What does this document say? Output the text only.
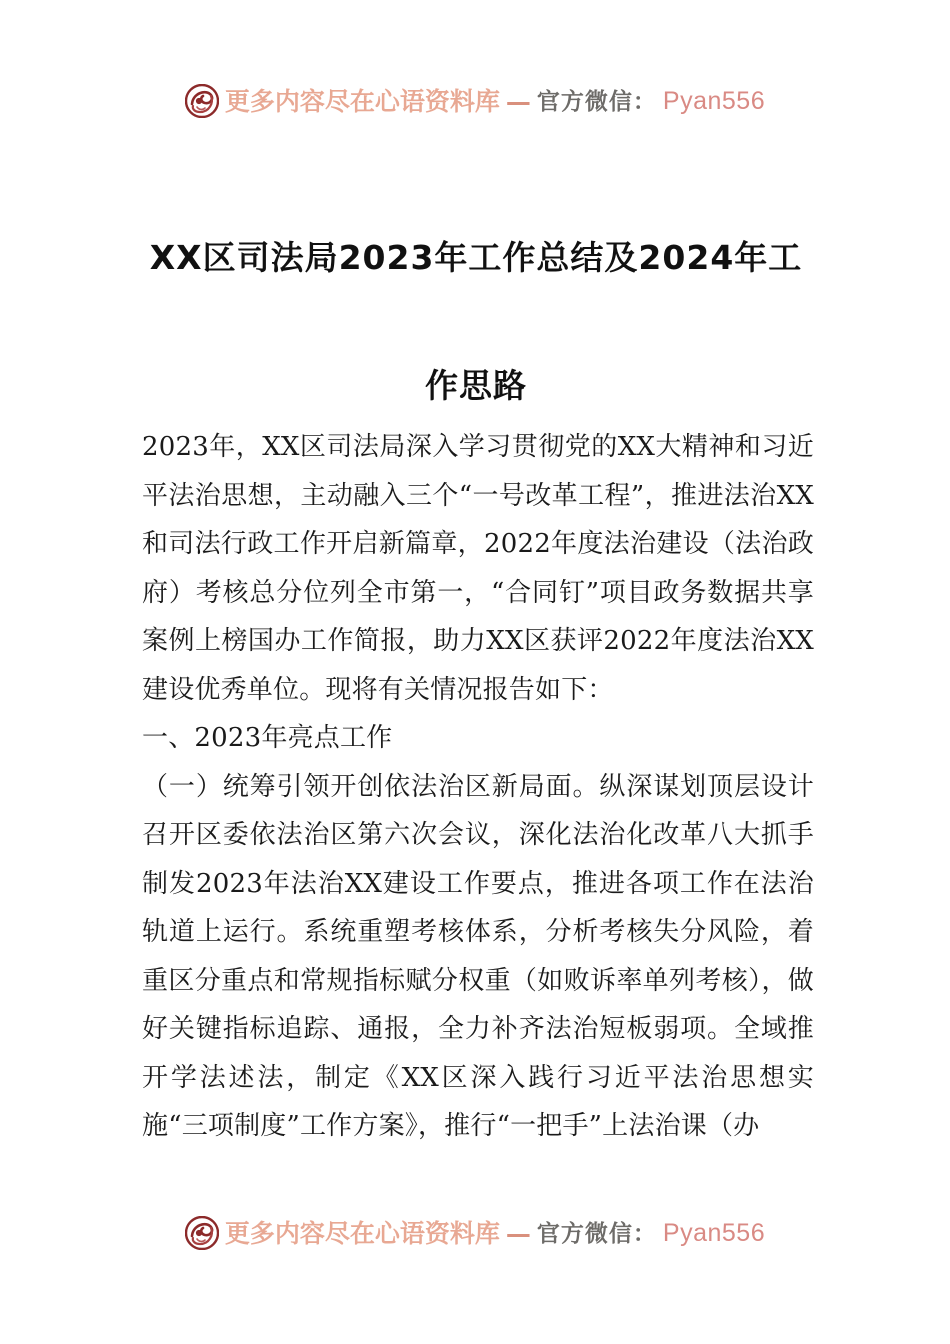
更多内容尽在心语资料库 — 官方微信： Pyan556
XX区司法局2023年工作总结及2024年工作思路

2023年，XX区司法局深入学习贯彻党的XX大精神和习近平法治思想，主动融入三个“一号改革工程”，推进法治XX和司法行政工作开启新篇章，2022年度法治建设（法治政府）考核总分位列全市第一，“合同钉”项目政务数据共享案例上榜国办工作简报，助力XX区获评2022年度法治XX建设优秀单位。现将有关情况报告如下：

一、2023年亮点工作

（一）统筹引领开创依法治区新局面。纵深谋划顶层设计召开区委依法治区第六次会议，深化法治化改革八大抓手制发2023年法治XX建设工作要点，推进各项工作在法治轨道上运行。系统重塑考核体系，分析考核失分风险，着重区分重点和常规指标赋分权重（如败诉率单列考核），做好关键指标追踪、通报，全力补齐法治短板弱项。全域推开学法述法，制定《XX区深入践行习近平法治思想实施“三项制度”工作方案》，推行“一把手”上法治课（办

更多内容尽在心语资料库 — 官方微信： Pyan556
